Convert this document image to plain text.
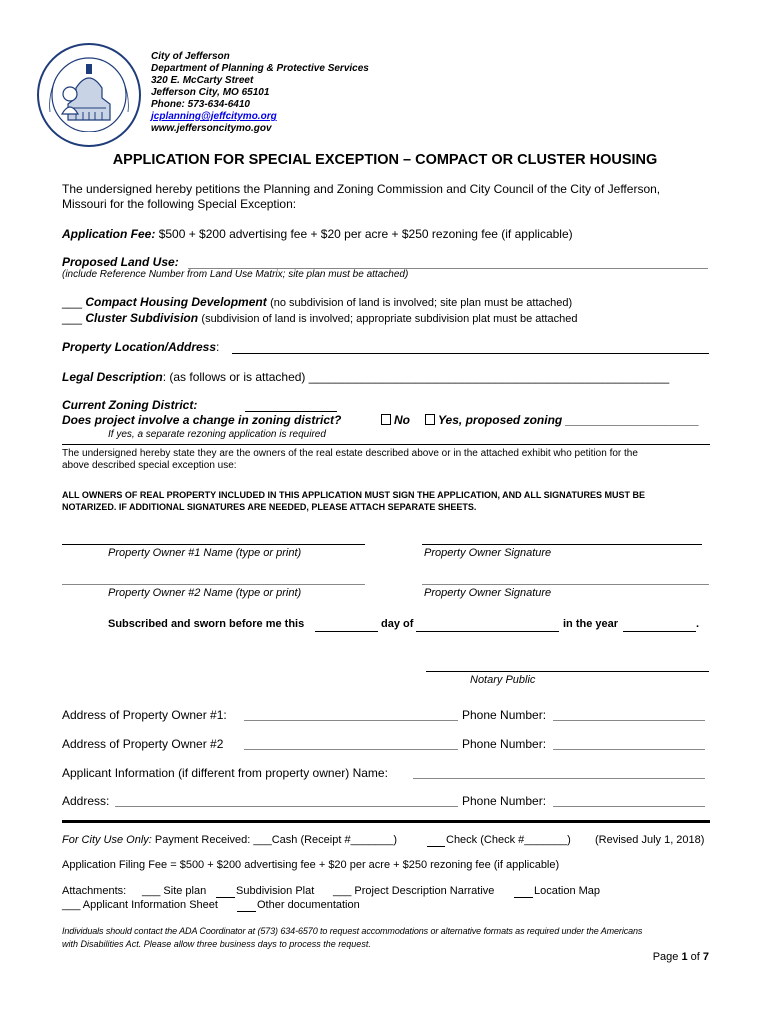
City of Jefferson
Department of Planning & Protective Services
320 E. McCarty Street
Jefferson City, MO 65101
Phone: 573-634-6410
jcplanning@jeffcitymo.org
www.jeffersoncitymo.gov
APPLICATION FOR SPECIAL EXCEPTION – COMPACT OR CLUSTER HOUSING
The undersigned hereby petitions the Planning and Zoning Commission and City Council of the City of Jefferson,
Missouri for the following Special Exception:
Application Fee: $500 + $200 advertising fee + $20 per acre + $250 rezoning fee (if applicable)
Proposed Land Use:
(include Reference Number from Land Use Matrix; site plan must be attached)
___ Compact Housing Development (no subdivision of land is involved; site plan must be attached)
___ Cluster Subdivision (subdivision of land is involved; appropriate subdivision plat must be attached
Property Location/Address:
Legal Description: (as follows or is attached) ______________________________________________________
Current Zoning District:
Does project involve a change in zoning district?	No	Yes, proposed zoning ____________________
If yes, a separate rezoning application is required
The undersigned hereby state they are the owners of the real estate described above or in the attached exhibit who petition for the
above described special exception use:
ALL OWNERS OF REAL PROPERTY INCLUDED IN THIS APPLICATION MUST SIGN THE APPLICATION, AND ALL SIGNATURES MUST BE
NOTARIZED. IF ADDITIONAL SIGNATURES ARE NEEDED, PLEASE ATTACH SEPARATE SHEETS.
Property Owner #1 Name (type or print)	Property Owner Signature
Property Owner #2 Name (type or print)	Property Owner Signature
Subscribed and sworn before me this	day of	in the year	.
Notary Public
Address of Property Owner #1:	Phone Number:
Address of Property Owner #2	Phone Number:
Applicant Information (if different from property owner) Name:
Address:	Phone Number:
For City Use Only: Payment Received: ___Cash (Receipt #_______)	Check (Check #_______) (Revised July 1, 2018)
Application Filing Fee = $500 + $200 advertising fee + $20 per acre + $250 rezoning fee (if applicable)
Attachments: ___ Site plan	Subdivision Plat ___ Project Description Narrative	Location Map
___ Applicant Information Sheet	Other documentation
Individuals should contact the ADA Coordinator at (573) 634-6570 to request accommodations or alternative formats as required under the Americans
with Disabilities Act. Please allow three business days to process the request.
Page 1 of 7
